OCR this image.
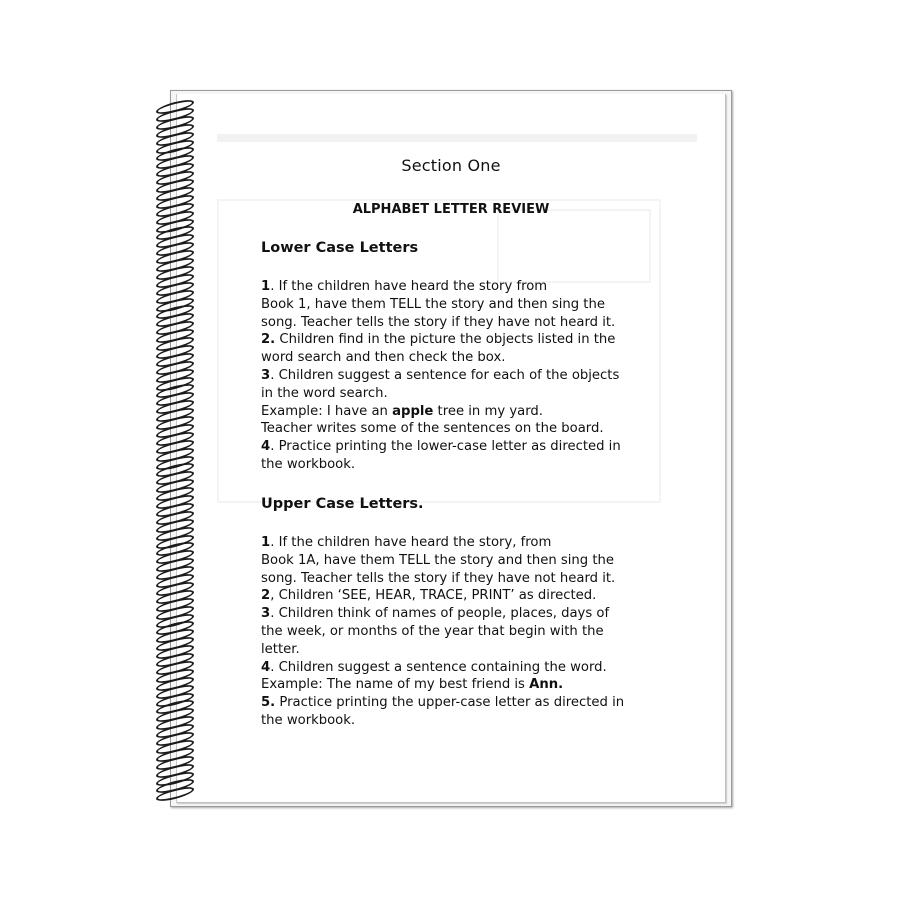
Section One
ALPHABET LETTER REVIEW
Lower Case Letters
1. If the children have heard the story from
Book 1, have them TELL the story and then sing the
song. Teacher tells the story if they have not heard it.
2. Children find in the picture the objects listed in the
word search and then check the box.
3. Children suggest a sentence for each of the objects
in the word search.
Example: I have an apple tree in my yard.
Teacher writes some of the sentences on the board.
4. Practice printing the lower-case letter as directed in
the workbook.
Upper Case Letters.
1. If the children have heard the story, from
Book 1A, have them TELL the story and then sing the
song. Teacher tells the story if they have not heard it.
2, Children ‘SEE, HEAR, TRACE, PRINT’ as directed.
3. Children think of names of people, places, days of
the week, or months of the year that begin with the
letter.
4. Children suggest a sentence containing the word.
Example: The name of my best friend is Ann.
5. Practice printing the upper-case letter as directed in
the workbook.
